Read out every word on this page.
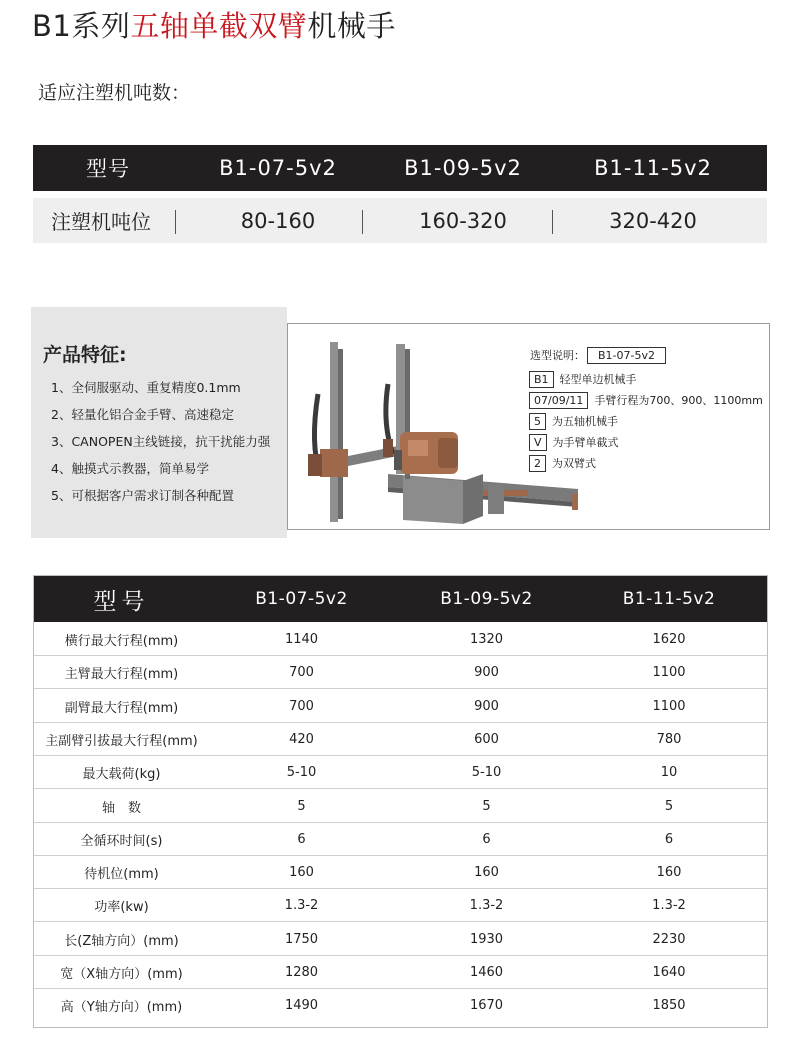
B1系列五轴单截双臂机械手
适应注塑机吨数：
型号	B1-07-5v2	B1-09-5v2	B1-11-5v2
注塑机吨位	80-160	160-320	320-420
产品特征:
1、全伺服驱动、重复精度0.1mm
2、轻量化铝合金手臂、高速稳定
3、CANOPEN主线链接，抗干扰能力强
4、触摸式示教器，简单易学
5、可根据客户需求订制各种配置
选型说明： B1-07-5v2
B1 轻型单边机械手
07/09/11 手臂行程为700、900、1100mm
5 为五轴机械手
V 为手臂单截式
2 为双臂式
型号	B1-07-5v2	B1-09-5v2	B1-11-5v2
横行最大行程(mm)	1140	1320	1620
主臂最大行程(mm)	700	900	1100
副臂最大行程(mm)	700	900	1100
主副臂引拔最大行程(mm)	420	600	780
最大载荷(kg)	5-10	5-10	10
轴　数	5	5	5
全循环时间(s)	6	6	6
待机位(mm)	160	160	160
功率(kw)	1.3-2	1.3-2	1.3-2
长(Z轴方向）(mm)	1750	1930	2230
宽（X轴方向）(mm)	1280	1460	1640
高（Y轴方向）(mm)	1490	1670	1850
